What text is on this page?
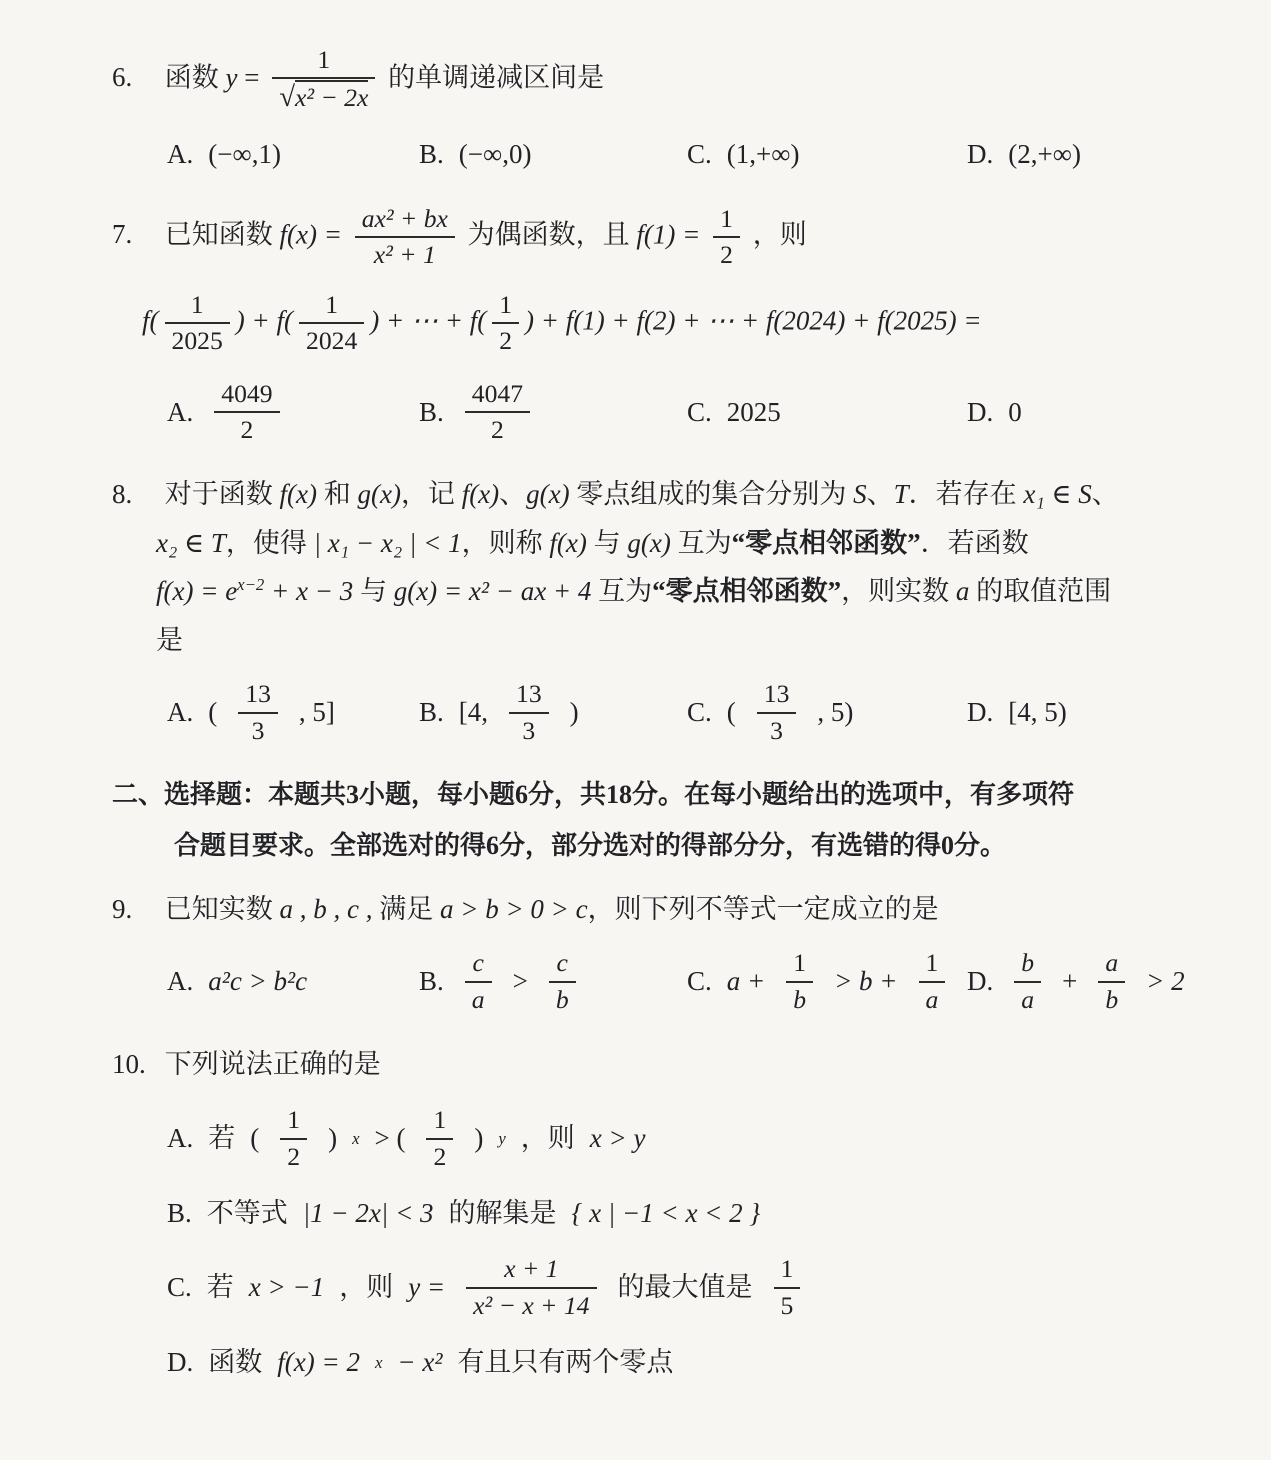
6. 函数 $y = \frac{1}{\text{√x² − 2x}}$ 的单调递减区间是
A. (−∞,1)	B. (−∞,0)	C. (1,+∞)	D. (2,+∞)
7. 已知函数 $f(x) = \frac{\text{ax² + bx}}{\text{x² + 1}}$ 为偶函数，且 $f(1) = \frac{1}{2}$ ，则
$f( \frac{1}{2025}$ ) + $f( \frac{1}{2024}$ ) + ⋯ + $f( \frac{1}{2}$ ) + f(1) + f(2) + ⋯ + f(2024) + f(2025) =
A. $\frac{4049}{2}$	B. $\frac{4047}{2}$	C. 2025	D. 0
8. 对于函数 f(x) 和 g(x)，记 f(x)、g(x) 零点组成的集合分别为 S、T．若存在 x₁ ∈ S、
x₂ ∈ T，使得 | x₁ − x₂ | < 1，则称 f(x) 与 g(x) 互为“零点相邻函数”．若函数
$f(x) = e^{x-2} + x - 3$ 与 g(x) = x² − ax + 4 互为“零点相邻函数”，则实数 a 的取值范围
是
A. ( $\frac{13}{3}$ , 5]	B. [4, $\frac{13}{3}$ )	C. ( $\frac{13}{3}$ , 5)	D. [4, 5)
二、选择题：本题共3小题，每小题6分，共18分。在每小题给出的选项中，有多项符
合题目要求。全部选对的得6分，部分选对的得部分分，有选错的得0分。
9. 已知实数 a , b , c , 满足 a > b > 0 > c，则下列不等式一定成立的是
A. a²c > b²c	B. $\frac{c}{a} > \frac{c}{b}$	C. $a + \frac{1}{b} > b + \frac{1}{a} D$. $\frac{b}{a} + \frac{a}{b} > 2$
10. 下列说法正确的是
A. 若 ( $\frac{1}{2}$ ) x > ( $\frac{1}{2}$ ) y ，则 x > y
B. 不等式 |1 − 2x| < 3 的解集是 { x | −1 < x < 2 }
C. 若 x > −1 ，则 $y = \frac{x + 1}{\text{x² − x + 14}}$ 的最大值是 $\frac{1}{5}$
D. 函数 f(x) = 2 x − x² 有且只有两个零点
